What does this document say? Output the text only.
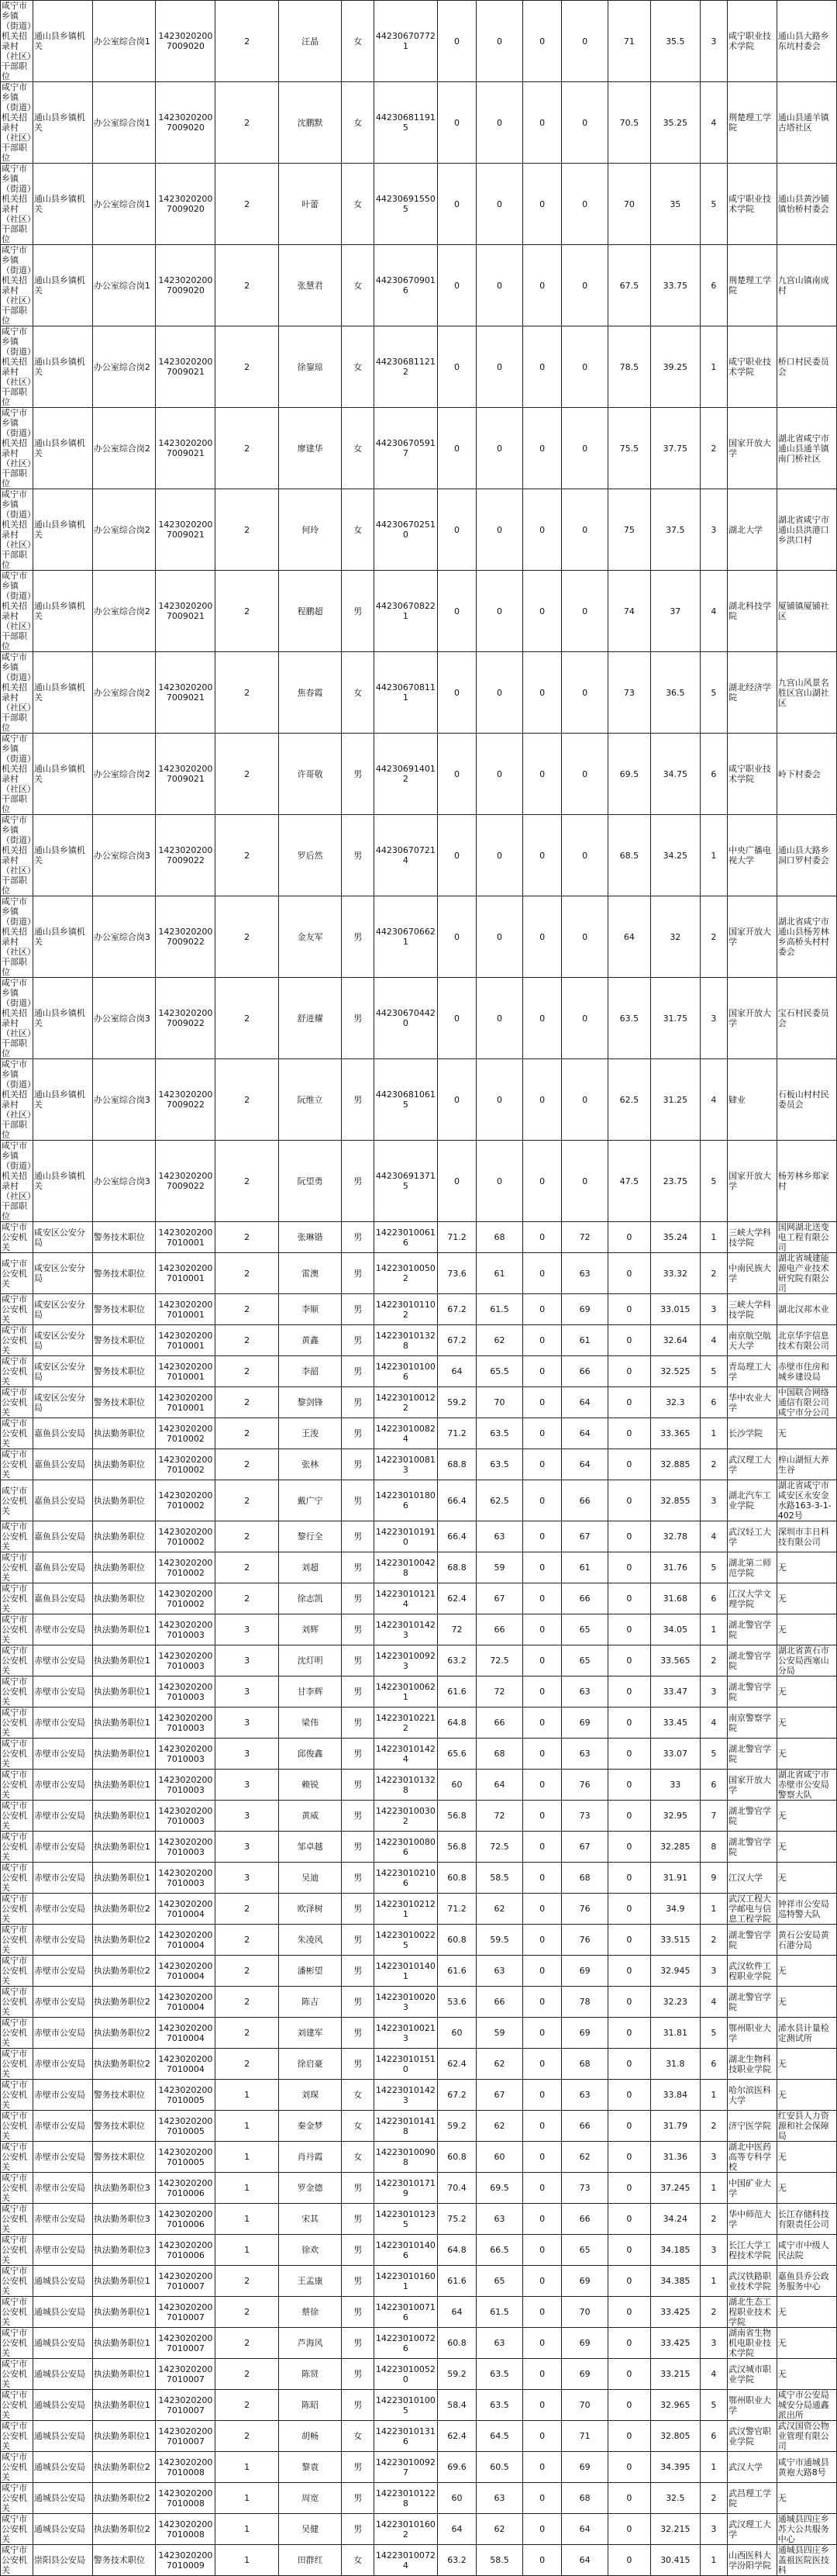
咸宁市乡镇（街道）机关招录村（社区）干部职位	通山县乡镇机关	办公室综合岗1	14230202007009020	2	汪晶	女	442306707721	0	0	0	0	71	35.5	3	咸宁职业技术学院	通山县大路乡东坑村委会
咸宁市乡镇（街道）机关招录村（社区）干部职位	通山县乡镇机关	办公室综合岗1	14230202007009020	2	沈鹏默	女	442306811915	0	0	0	0	70.5	35.25	4	荆楚理工学院	通山县通羊镇古塔社区
咸宁市乡镇（街道）机关招录村（社区）干部职位	通山县乡镇机关	办公室综合岗1	14230202007009020	2	叶蕾	女	442306915505	0	0	0	0	70	35	5	咸宁职业技术学院	通山县黄沙铺镇怡桥村委会
咸宁市乡镇（街道）机关招录村（社区）干部职位	通山县乡镇机关	办公室综合岗1	14230202007009020	2	张慧君	女	442306709016	0	0	0	0	67.5	33.75	6	荆楚理工学院	九宫山镇南成村
咸宁市乡镇（街道）机关招录村（社区）干部职位	通山县乡镇机关	办公室综合岗2	14230202007009021	2	徐鋆琼	女	442306811212	0	0	0	0	78.5	39.25	1	咸宁职业技术学院	桥口村民委员会
咸宁市乡镇（街道）机关招录村（社区）干部职位	通山县乡镇机关	办公室综合岗2	14230202007009021	2	廖建华	女	442306705917	0	0	0	0	75.5	37.75	2	国家开放大学	湖北省咸宁市通山县通羊镇南门桥社区
咸宁市乡镇（街道）机关招录村（社区）干部职位	通山县乡镇机关	办公室综合岗2	14230202007009021	2	何玲	女	442306702510	0	0	0	0	75	37.5	3	湖北大学	湖北省咸宁市通山县洪港口乡洪口村
咸宁市乡镇（街道）机关招录村（社区）干部职位	通山县乡镇机关	办公室综合岗2	14230202007009021	2	程鹏超	男	442306708221	0	0	0	0	74	37	4	湖北科技学院	厦铺镇厦铺社区
咸宁市乡镇（街道）机关招录村（社区）干部职位	通山县乡镇机关	办公室综合岗2	14230202007009021	2	焦春霞	女	442306708111	0	0	0	0	73	36.5	5	湖北经济学院	九宫山风景名胜区宫山湖社区
咸宁市乡镇（街道）机关招录村（社区）干部职位	通山县乡镇机关	办公室综合岗2	14230202007009021	2	许哥敬	男	442306914012	0	0	0	0	69.5	34.75	6	咸宁职业技术学院	岭下村委会
咸宁市乡镇（街道）机关招录村（社区）干部职位	通山县乡镇机关	办公室综合岗3	14230202007009022	2	罗后然	男	442306707214	0	0	0	0	68.5	34.25	1	中央广播电视大学	通山县大路乡洞口罗村委会
咸宁市乡镇（街道）机关招录村（社区）干部职位	通山县乡镇机关	办公室综合岗3	14230202007009022	2	金友军	男	442306706621	0	0	0	0	64	32	2	国家开放大学	湖北省咸宁市通山县杨芳林乡高桥头村村委会
咸宁市乡镇（街道）机关招录村（社区）干部职位	通山县乡镇机关	办公室综合岗3	14230202007009022	2	舒进耀	男	442306704420	0	0	0	0	63.5	31.75	3	国家开放大学	宝石村民委员会
咸宁市乡镇（街道）机关招录村（社区）干部职位	通山县乡镇机关	办公室综合岗3	14230202007009022	2	阮维立	男	442306810615	0	0	0	0	62.5	31.25	4	肄业	石板山村村民委员会
咸宁市乡镇（街道）机关招录村（社区）干部职位	通山县乡镇机关	办公室综合岗3	14230202007009022	2	阮望勇	男	442306913715	0	0	0	0	47.5	23.75	5	国家开放大学	杨芳林乡郑家村
咸宁市公安机关	咸安区公安分局	警务技术职位	14230202007010001	2	张琳锴	男	142230100616	71.2	68	0	72	0	35.24	1	三峡大学科技学院	国网湖北送变电工程有限公司
咸宁市公安机关	咸安区公安分局	警务技术职位	14230202007010001	2	雷澳	男	142230100502	73.6	61	0	63	0	33.32	2	中南民族大学	湖北省城建能源电产业技术研究院有限公司
咸宁市公安机关	咸安区公安分局	警务技术职位	14230202007010001	2	李顺	男	142230101102	67.2	61.5	0	69	0	33.015	3	三峡大学科技学院	湖北汉邦木业
咸宁市公安机关	咸安区公安分局	警务技术职位	14230202007010001	2	黄鑫	男	142230101328	67.2	62	0	61	0	32.64	4	南京航空航天大学	北京华宇信息技术有限公司
咸宁市公安机关	咸安区公安分局	警务技术职位	14230202007010001	2	李韶	男	142230101006	64	65.5	0	66	0	32.525	5	青岛理工大学	赤壁市住房和城乡建设局
咸宁市公安机关	咸安区公安分局	警务技术职位	14230202007010001	2	黎剑锋	男	142230100122	59.2	70	0	64	0	32.3	6	华中农业大学	中国联合网络通信有限公司咸宁市分公司
咸宁市公安机关	嘉鱼县公安局	执法勤务职位	14230202007010002	2	王浚	男	142230100824	71.2	63.5	0	64	0	33.365	1	长沙学院	无
咸宁市公安机关	嘉鱼县公安局	执法勤务职位	14230202007010002	2	张林	男	142230100813	68.8	63.5	0	64	0	32.885	2	武汉理工大学	梓山湖恒大养生谷
咸宁市公安机关	嘉鱼县公安局	执法勤务职位	14230202007010002	2	戴广宁	男	142230101806	66.4	62.5	0	66	0	32.855	3	湖北汽车工业学院	湖北省咸宁市咸安区永安金水路163-3-1-402号
咸宁市公安机关	嘉鱼县公安局	执法勤务职位	14230202007010002	2	黎行全	男	142230101910	66.4	63	0	67	0	32.78	4	武汉轻工大学	深圳市丰日科技有限公司
咸宁市公安机关	嘉鱼县公安局	执法勤务职位	14230202007010002	2	刘超	男	142230100428	68.8	59	0	61	0	31.76	5	湖北第二师范学院	无
咸宁市公安机关	嘉鱼县公安局	执法勤务职位	14230202007010002	2	徐志凯	男	142230101214	62.4	67	0	66	0	31.68	6	江汉大学文理学院	无
咸宁市公安机关	赤壁市公安局	执法勤务职位1	14230202007010003	3	刘辉	男	142230101423	72	66	0	65	0	34.05	1	湖北警官学院	无
咸宁市公安机关	赤壁市公安局	执法勤务职位1	14230202007010003	3	沈灯明	男	142230100923	63.2	72.5	0	65	0	33.565	2	湖北警官学院	湖北省黄石市公安局西塞山分局
咸宁市公安机关	赤壁市公安局	执法勤务职位1	14230202007010003	3	甘李辉	男	142230100621	61.6	72	0	63	0	33.47	3	湖北警官学院	无
咸宁市公安机关	赤壁市公安局	执法勤务职位1	14230202007010003	3	梁伟	男	142230102212	64.8	66	0	69	0	33.45	4	南京警察学院	无
咸宁市公安机关	赤壁市公安局	执法勤务职位1	14230202007010003	3	邱俊鑫	男	142230101424	65.6	68	0	63	0	33.07	5	湖北警官学院	无
咸宁市公安机关	赤壁市公安局	执法勤务职位1	14230202007010003	3	赖锐	男	142230101328	60	64	0	76	0	33	6	国家开放大学	湖北省咸宁市赤壁市公安局警察大队
咸宁市公安机关	赤壁市公安局	执法勤务职位1	14230202007010003	3	黄威	男	142230100302	56.8	72	0	73	0	32.95	7	湖北警官学院	无
咸宁市公安机关	赤壁市公安局	执法勤务职位1	14230202007010003	3	邹卓越	男	142230100806	56.8	72.5	0	67	0	32.285	8	湖北警官学院	无
咸宁市公安机关	赤壁市公安局	执法勤务职位1	14230202007010003	3	吴迪	男	142230102106	60.8	58.5	0	68	0	31.91	9	江汉大学	无
咸宁市公安机关	赤壁市公安局	执法勤务职位2	14230202007010004	2	欧泽树	男	142230102121	71.2	62	0	76	0	34.9	1	武汉工程大学邮电与信息工程学院	钟祥市公安局巡特警大队
咸宁市公安机关	赤壁市公安局	执法勤务职位2	14230202007010004	2	朱凌风	男	142230100225	60.8	59.5	0	76	0	33.515	2	湖北警官学院	黄石公安局黄石港分局
咸宁市公安机关	赤壁市公安局	执法勤务职位2	14230202007010004	2	潘彬望	男	142230101401	61.6	63	0	69	0	32.945	3	武汉软件工程职业学院	无
咸宁市公安机关	赤壁市公安局	执法勤务职位2	14230202007010004	2	陈吉	男	142230100203	53.6	66	0	78	0	32.23	4	湖北警官学院	无
咸宁市公安机关	赤壁市公安局	执法勤务职位2	14230202007010004	2	刘建军	男	142230100213	60	59	0	69	0	31.81	5	鄂州职业大学	浠水县计量检定测试所
咸宁市公安机关	赤壁市公安局	执法勤务职位2	14230202007010004	2	徐启豪	男	142230101510	62.4	62	0	68	0	31.8	6	湖北生物科技职业学院	无
咸宁市公安机关	赤壁市公安局	警务技术职位	14230202007010005	1	刘琛	女	142230101423	67.2	67	0	63	0	33.84	1	哈尔滨医科大学	无
咸宁市公安机关	赤壁市公安局	警务技术职位	14230202007010005	1	秦金梦	女	142230101418	59.2	62	0	66	0	31.79	2	济宁医学院	红安县人力资源和社会保障局
咸宁市公安机关	赤壁市公安局	警务技术职位	14230202007010005	1	肖丹霞	女	142230100908	60.8	60	0	62	0	31.36	3	湖北中医药高等专科学校	无
咸宁市公安机关	赤壁市公安局	执法勤务职位3	14230202007010006	1	罗金德	男	142230101719	70.4	69.5	0	73	0	37.245	1	中国矿业大学	无
咸宁市公安机关	赤壁市公安局	执法勤务职位3	14230202007010006	1	宋其	男	142230101235	75.2	63	0	66	0	34.24	2	华中师范大学	长江存储科技有限责任公司
咸宁市公安机关	赤壁市公安局	执法勤务职位3	14230202007010006	1	徐欢	男	142230101406	64.8	66.5	0	65	0	34.185	3	长江大学工程技术学院	咸宁市中级人民法院
咸宁市公安机关	通城县公安局	执法勤务职位1	14230202007010007	2	王孟康	男	142230101601	61.6	65	0	69	0	34.385	1	武汉铁路职业技术学院	嘉鱼县乔公政务服务中心
咸宁市公安机关	通城县公安局	执法勤务职位1	14230202007010007	2	蔡徐	男	142230100716	64	61.5	0	70	0	33.425	2	湖北生态工程职业技术学院	无
咸宁市公安机关	通城县公安局	执法勤务职位1	14230202007010007	2	芦海风	男	142230100726	60.8	63	0	69	0	33.425	3	湖南省生物机电职业技术学院	无
咸宁市公安机关	通城县公安局	执法勤务职位1	14230202007010007	2	陈贤	男	142230100520	59.2	63.5	0	69	0	33.215	4	武汉城市职业学院	无
咸宁市公安机关	通城县公安局	执法勤务职位1	14230202007010007	2	陈昭	男	142230101005	58.4	63.5	0	70	0	32.965	5	鄂州职业大学	咸宁市公安局城安分局通鑫派出所
咸宁市公安机关	通城县公安局	执法勤务职位1	14230202007010007	2	胡畅	女	142230101316	62.4	64.5	0	71	0	32.805	6	武汉警官职业学院	武汉国资公物业管理有限公司
咸宁市公安机关	通城县公安局	执法勤务职位2	14230202007010008	1	黎袁	男	142230100927	69.6	60.5	0	69	0	34.395	1	武汉大学	咸宁市通城县黄袍大路8号
咸宁市公安机关	通城县公安局	执法勤务职位2	14230202007010008	1	周宽	男	142230101228	60	63	0	68	0	32.5	2	武昌理工学院	无
咸宁市公安机关	通城县公安局	执法勤务职位2	14230202007010008	1	吴健	男	142230101602	64	62	0	64	0	32.215	3	武汉理工大学	通城县四庄乡苏大公共服务中心
咸宁市公安机关	崇阳县公安局	警务技术职位	14230202007010009	1	田群红	女	142230100724	63.2	58.5	0	64	0	30.415	1	山西医科大学汾阳学院	通城县四庄乡盖祖医院医技科
